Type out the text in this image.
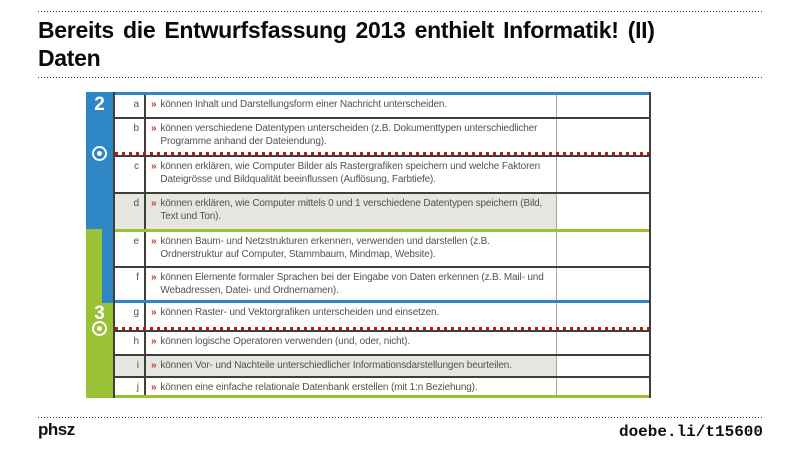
Bereits die Entwurfsfassung 2013 enthielt Informatik! (II)
Daten
2
3
a	» können Inhalt und Darstellungsform einer Nachricht unterscheiden.
b	» können verschiedene Datentypen unterscheiden (z.B. Dokumenttypen unterschiedlicher Programme anhand der Dateiendung).
c	» können erklären, wie Computer Bilder als Rastergrafiken speichern und welche Faktoren Dateigrösse und Bildqualität beeinflussen (Auflösung, Farbtiefe).
d	» können erklären, wie Computer mittels 0 und 1 verschiedene Datentypen speichern (Bild, Text und Ton).
e	» können Baum- und Netzstrukturen erkennen, verwenden und darstellen (z.B. Ordnerstruktur auf Computer, Stammbaum, Mindmap, Website).
f	» können Elemente formaler Sprachen bei der Eingabe von Daten erkennen (z.B. Mail- und Webadressen, Datei- und Ordnernamen).
g	» können Raster- und Vektorgrafiken unterscheiden und einsetzen.
h	» können logische Operatoren verwenden (und, oder, nicht).
i	» können Vor- und Nachteile unterschiedlicher Informationsdarstellungen beurteilen.
j	» können eine einfache relationale Datenbank erstellen (mit 1:n Beziehung).
phsz	doebe.li/t15600
